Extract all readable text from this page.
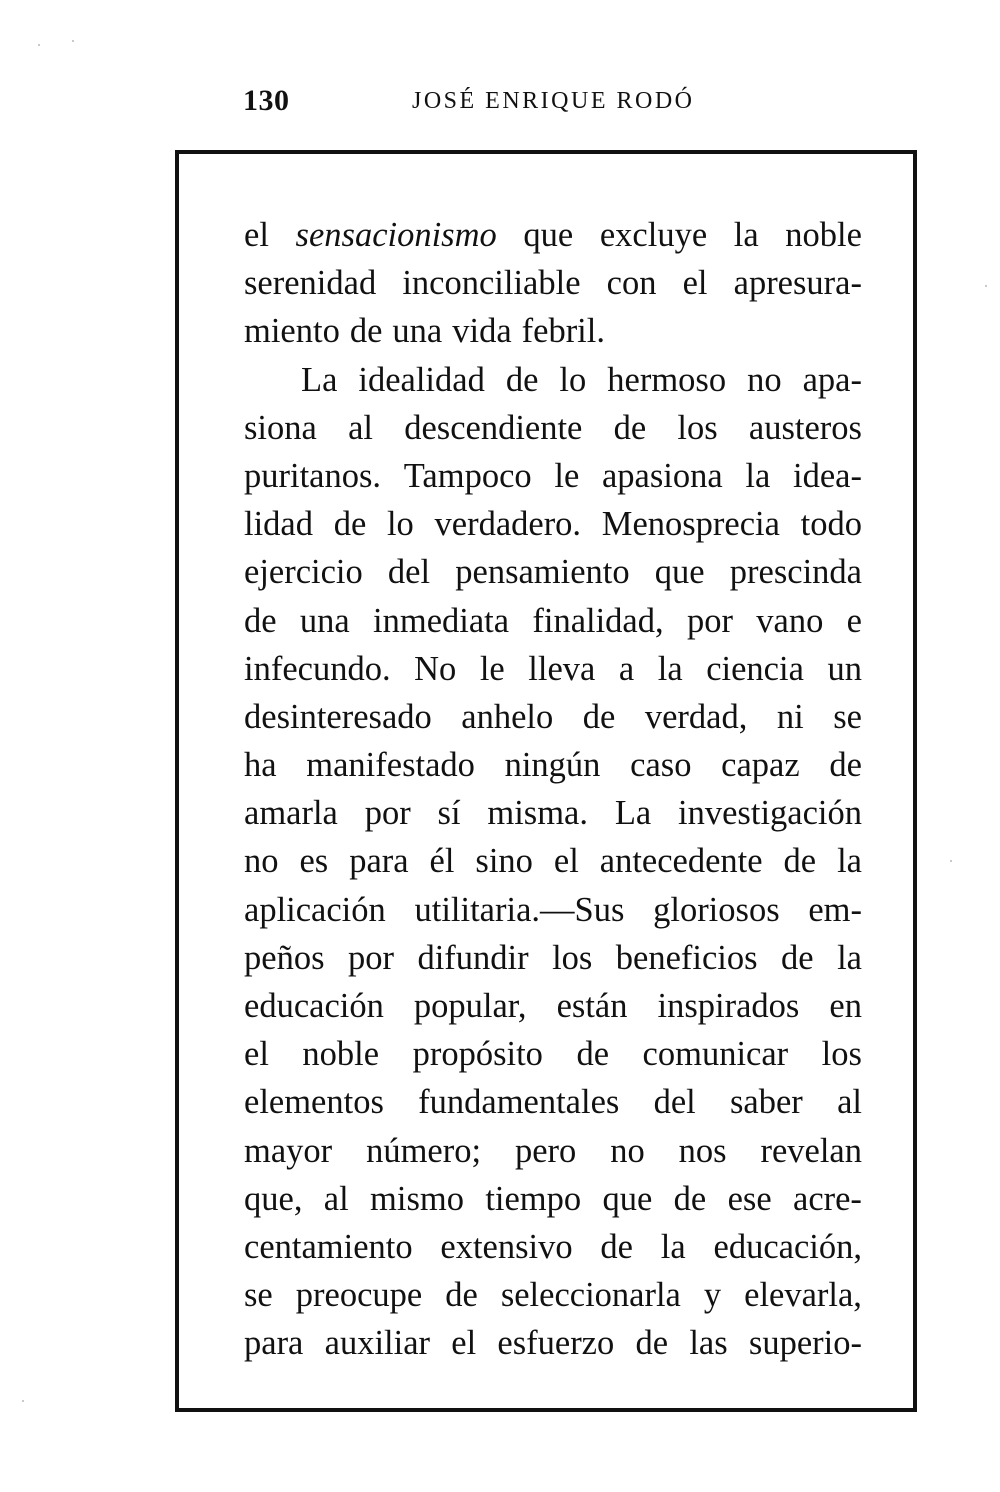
130	JOSÉ ENRIQUE RODÓ
el sensacionismo que excluye la noble
serenidad inconciliable con el apresura-
miento de una vida febril.
La idealidad de lo hermoso no apa-
siona al descendiente de los austeros
puritanos. Tampoco le apasiona la idea-
lidad de lo verdadero. Menosprecia todo
ejercicio del pensamiento que prescinda
de una inmediata finalidad, por vano e
infecundo. No le lleva a la ciencia un
desinteresado anhelo de verdad, ni se
ha manifestado ningún caso capaz de
amarla por sí misma. La investigación
no es para él sino el antecedente de la
aplicación utilitaria.—Sus gloriosos em-
peños por difundir los beneficios de la
educación popular, están inspirados en
el noble propósito de comunicar los
elementos fundamentales del saber al
mayor número; pero no nos revelan
que, al mismo tiempo que de ese acre-
centamiento extensivo de la educación,
se preocupe de seleccionarla y elevarla,
para auxiliar el esfuerzo de las superio-
